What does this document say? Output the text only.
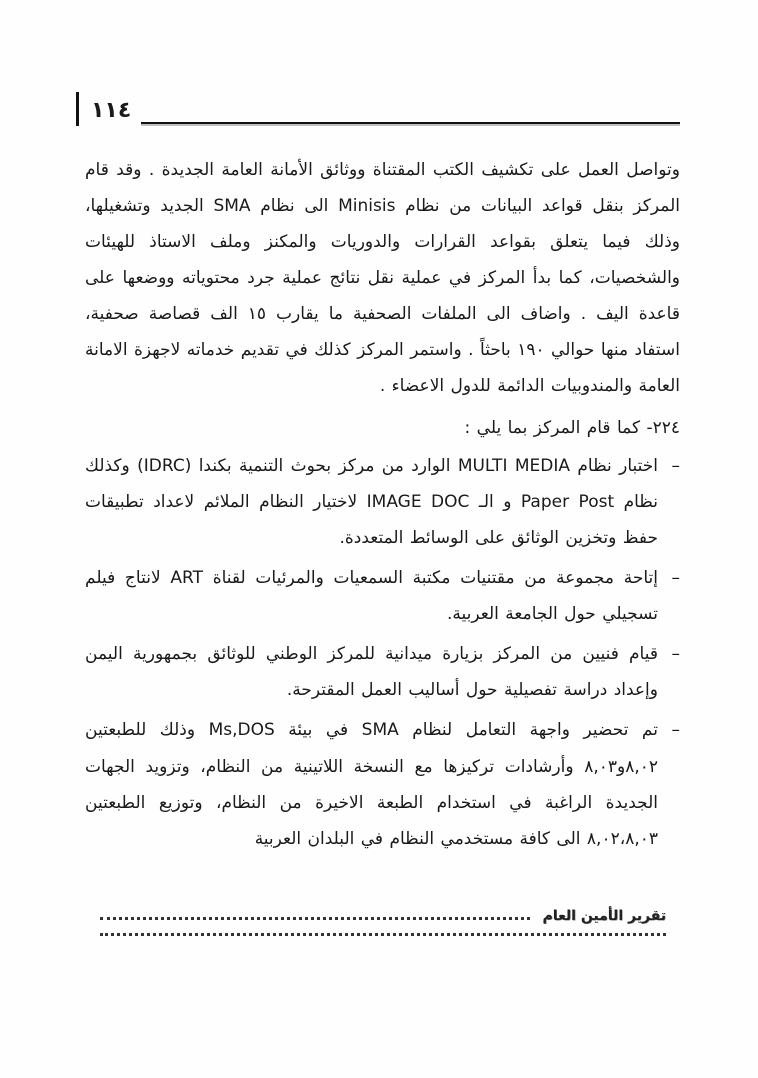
١١٤

وتواصل العمل على تكشيف الكتب المقتناة ووثائق الأمانة العامة الجديدة . وقد قام المركز بنقل قواعد البيانات من نظام Minisis الى نظام SMA الجديد وتشغيلها، وذلك فيما يتعلق بقواعد القرارات والدوريات والمكنز وملف الاستاذ للهيئات والشخصيات، كما بدأ المركز في عملية نقل نتائج عملية جرد محتوياته ووضعها على قاعدة اليف . واضاف الى الملفات الصحفية ما يقارب ١٥ الف قصاصة صحفية، استفاد منها حوالي ١٩٠ باحثاً . واستمر المركز كذلك في تقديم خدماته لاجهزة الامانة العامة والمندوبيات الدائمة للدول الاعضاء .

٢٢٤- كما قام المركز بما يلي :

–
اختبار نظام MULTI MEDIA الوارد من مركز بحوث التنمية بكندا (IDRC) وكذلك نظام Paper Post و الـ IMAGE DOC لاختيار النظام الملائم لاعداد تطبيقات حفظ وتخزين الوثائق على الوسائط المتعددة.
–
إتاحة مجموعة من مقتنيات مكتبة السمعيات والمرئيات لقناة ART لانتاج فيلم تسجيلي حول الجامعة العربية.
–
قيام فنيين من المركز بزيارة ميدانية للمركز الوطني للوثائق بجمهورية اليمن وإعداد دراسة تفصيلية حول أساليب العمل المقترحة.
–
تم تحضير واجهة التعامل لنظام SMA في بيئة Ms,DOS وذلك للطبعتين ٨,٠٢و٨,٠٣ وأرشادات تركيزها مع النسخة اللاتينية من النظام، وتزويد الجهات الجديدة الراغبة في استخدام الطبعة الاخيرة من النظام، وتوزيع الطبعتين ٨,٠٢،٨,٠٣ الى كافة مستخدمي النظام في البلدان العربية
تقرير الأمين العام
